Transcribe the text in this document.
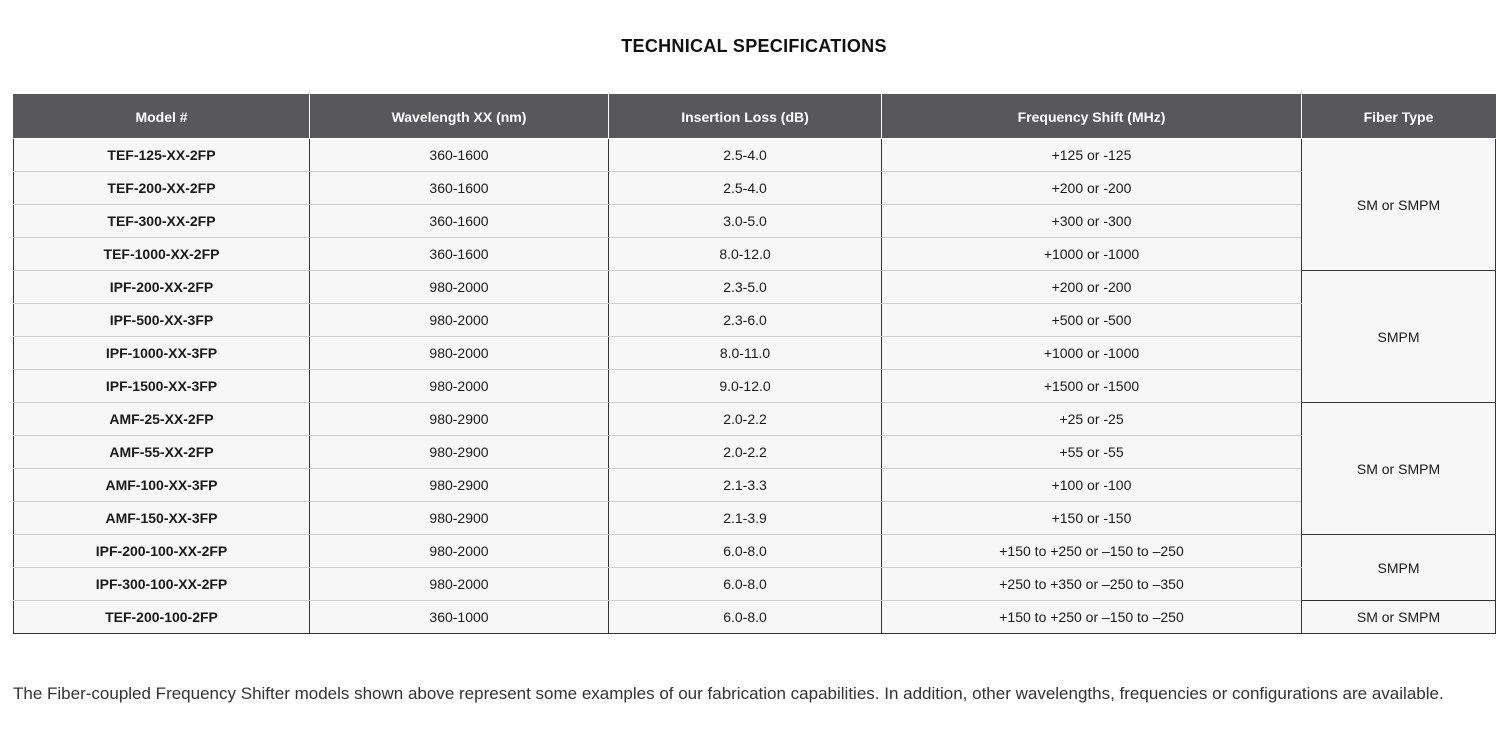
TECHNICAL SPECIFICATIONS
Model #	Wavelength XX (nm)	Insertion Loss (dB)	Frequency Shift (MHz)	Fiber Type
TEF-125-XX-2FP	360-1600	2.5-4.0	+125 or -125	SM or SMPM
TEF-200-XX-2FP	360-1600	2.5-4.0	+200 or -200	
TEF-300-XX-2FP	360-1600	3.0-5.0	+300 or -300	
TEF-1000-XX-2FP	360-1600	8.0-12.0	+1000 or -1000	
IPF-200-XX-2FP	980-2000	2.3-5.0	+200 or -200	SMPM
IPF-500-XX-3FP	980-2000	2.3-6.0	+500 or -500	
IPF-1000-XX-3FP	980-2000	8.0-11.0	+1000 or -1000	
IPF-1500-XX-3FP	980-2000	9.0-12.0	+1500 or -1500	
AMF-25-XX-2FP	980-2900	2.0-2.2	+25 or -25	SM or SMPM
AMF-55-XX-2FP	980-2900	2.0-2.2	+55 or -55	
AMF-100-XX-3FP	980-2900	2.1-3.3	+100 or -100	
AMF-150-XX-3FP	980-2900	2.1-3.9	+150 or -150	
IPF-200-100-XX-2FP	980-2000	6.0-8.0	+150 to +250 or –150 to –250	SMPM
IPF-300-100-XX-2FP	980-2000	6.0-8.0	+250 to +350 or –250 to –350	
TEF-200-100-2FP	360-1000	6.0-8.0	+150 to +250 or –150 to –250	SM or SMPM

The Fiber-coupled Frequency Shifter models shown above represent some examples of our fabrication capabilities. In addition, other wavelengths, frequencies or configurations are available.
